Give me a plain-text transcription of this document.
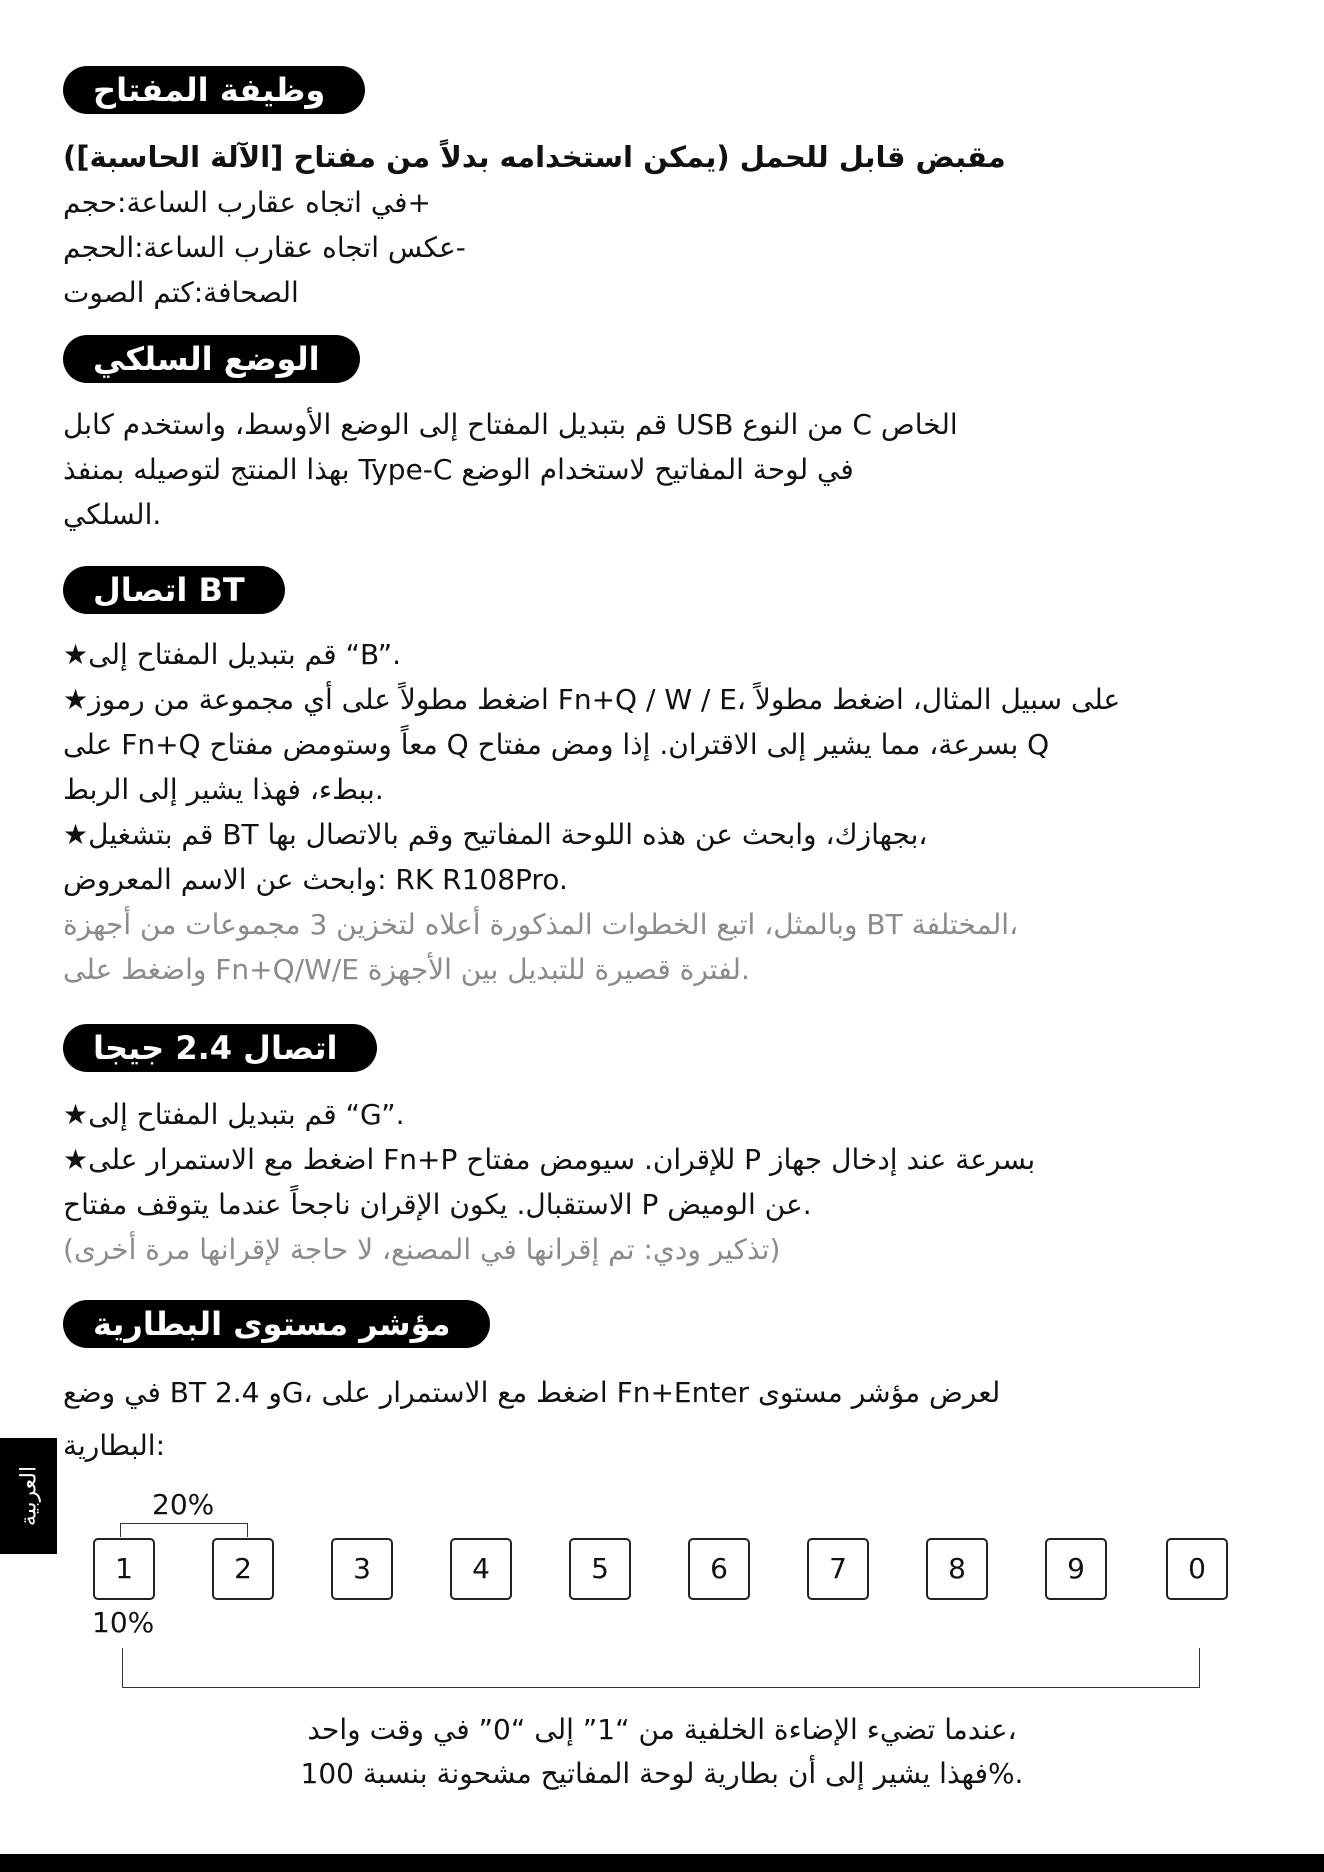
وظيفة المفتاح
مقبض قابل للحمل (يمكن استخدامه بدلاً من مفتاح [الآلة الحاسبة])
في اتجاه عقارب الساعة:حجم+
عكس اتجاه عقارب الساعة:الحجم-
الصحافة:كتم الصوت
الوضع السلكي
قم بتبديل المفتاح إلى الوضع الأوسط، واستخدم كابل USB من النوع C الخاص
بهذا المنتج لتوصيله بمنفذ Type-C في لوحة المفاتيح لاستخدام الوضع
السلكي.
اتصال BT
★قم بتبديل المفتاح إلى “B”.
★اضغط مطولاً على أي مجموعة من رموز Fn+Q / W / E، على سبيل المثال، اضغط مطولاً
على Fn+Q معاً وستومض مفتاح Q بسرعة، مما يشير إلى الاقتران. إذا ومض مفتاح Q
ببطء، فهذا يشير إلى الربط.
★قم بتشغيل BT بجهازك، وابحث عن هذه اللوحة المفاتيح وقم بالاتصال بها،
وابحث عن الاسم المعروض: RK R108Pro.
وبالمثل، اتبع الخطوات المذكورة أعلاه لتخزين 3 مجموعات من أجهزة BT المختلفة،
واضغط على Fn+Q/W/E لفترة قصيرة للتبديل بين الأجهزة.
اتصال 2.4 جيجا
★قم بتبديل المفتاح إلى “G”.
★اضغط مع الاستمرار على Fn+P للإقران. سيومض مفتاح P بسرعة عند إدخال جهاز
الاستقبال. يكون الإقران ناجحاً عندما يتوقف مفتاح P عن الوميض.
(تذكير ودي: تم إقرانها في المصنع، لا حاجة لإقرانها مرة أخرى)
مؤشر مستوى البطارية
في وضع BT و 2.4G، اضغط مع الاستمرار على Fn+Enter لعرض مؤشر مستوى
البطارية:
العربية	20%
1	2	3	4	5	6	7	8	9	0
10%
عندما تضيء الإضاءة الخلفية من “1” إلى “0” في وقت واحد،
فهذا يشير إلى أن بطارية لوحة المفاتيح مشحونة بنسبة 100%.
